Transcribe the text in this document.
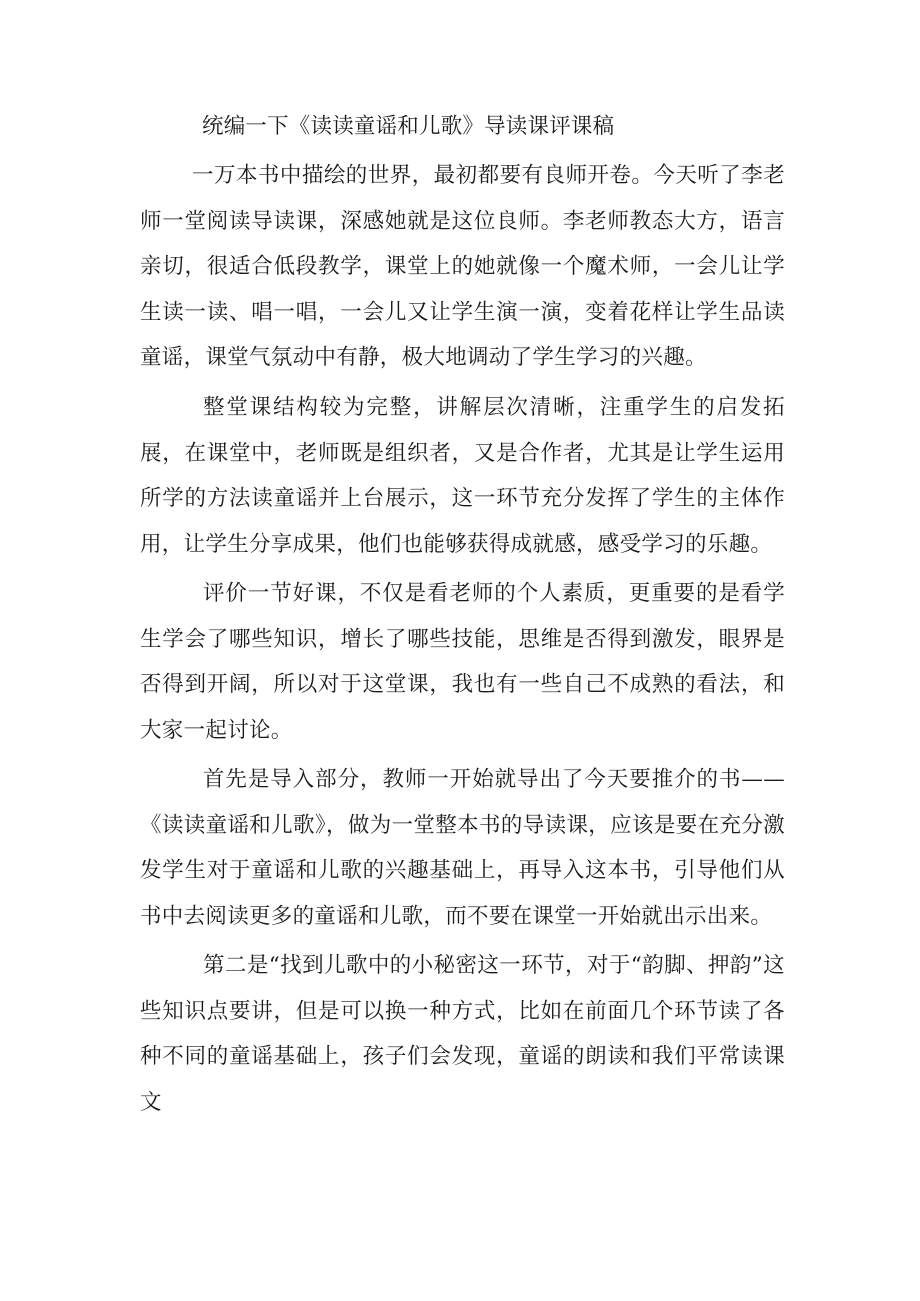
统编一下《读读童谣和儿歌》导读课评课稿

一万本书中描绘的世界，最初都要有良师开卷。今天听了李老师一堂阅读导读课，深感她就是这位良师。李老师教态大方，语言亲切，很适合低段教学，课堂上的她就像一个魔术师，一会儿让学生读一读、唱一唱，一会儿又让学生演一演，变着花样让学生品读童谣，课堂气氛动中有静，极大地调动了学生学习的兴趣。

整堂课结构较为完整，讲解层次清晰，注重学生的启发拓展，在课堂中，老师既是组织者，又是合作者，尤其是让学生运用所学的方法读童谣并上台展示，这一环节充分发挥了学生的主体作用，让学生分享成果，他们也能够获得成就感，感受学习的乐趣。

评价一节好课，不仅是看老师的个人素质，更重要的是看学生学会了哪些知识，增长了哪些技能，思维是否得到激发，眼界是否得到开阔，所以对于这堂课，我也有一些自己不成熟的看法，和大家一起讨论。

首先是导入部分，教师一开始就导出了今天要推介的书——《读读童谣和儿歌》，做为一堂整本书的导读课，应该是要在充分激发学生对于童谣和儿歌的兴趣基础上，再导入这本书，引导他们从书中去阅读更多的童谣和儿歌，而不要在课堂一开始就出示出来。

第二是“找到儿歌中的小秘密这一环节，对于“韵脚、押韵”这些知识点要讲，但是可以换一种方式，比如在前面几个环节读了各种不同的童谣基础上，孩子们会发现，童谣的朗读和我们平常读课文
